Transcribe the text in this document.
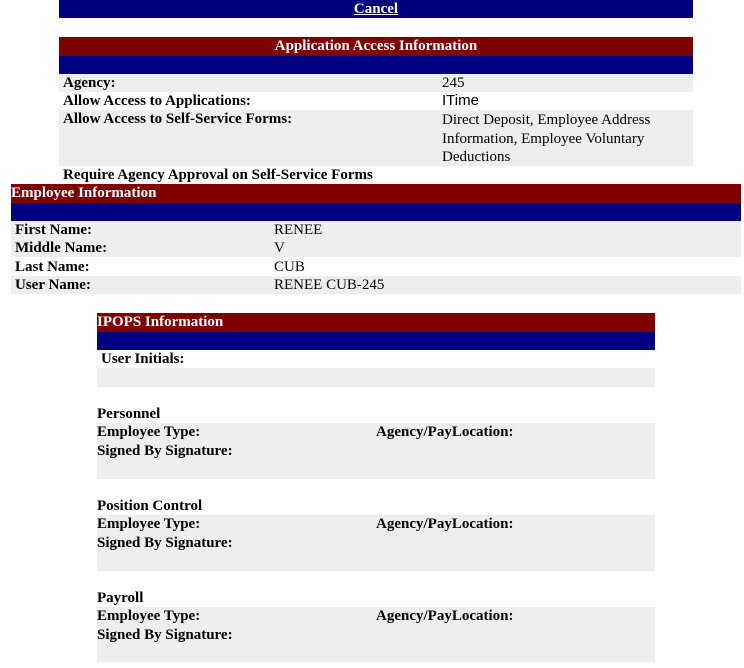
Cancel
Application Access Information
Agency:	245
Allow Access to Applications:	ITime
Allow Access to Self-Service Forms:	Direct Deposit, Employee Address Information, Employee Voluntary Deductions
Require Agency Approval on Self-Service Forms
Employee Information
First Name:	RENEE
Middle Name:	V
Last Name:	CUB
User Name:	RENEE CUB-245
IPOPS Information
User Initials:
Personnel
Employee Type:	Agency/PayLocation:
Signed By Signature:
Position Control
Employee Type:	Agency/PayLocation:
Signed By Signature:
Payroll
Employee Type:	Agency/PayLocation:
Signed By Signature:
